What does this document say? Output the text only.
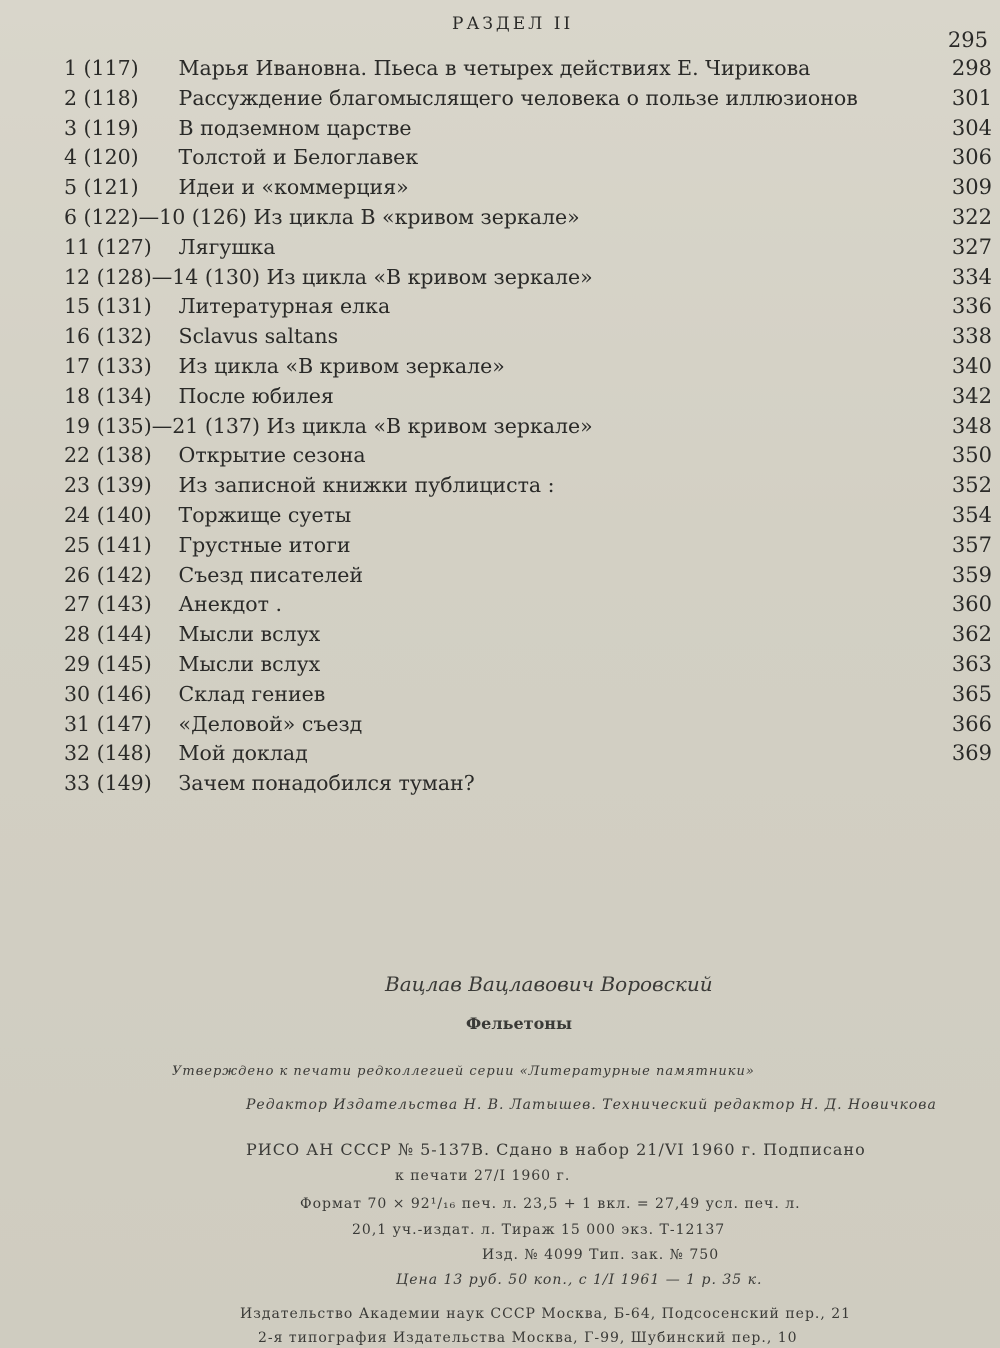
РАЗДЕЛ II
295
1 (117) Марья Ивановна. Пьеса в четырех действиях Е. Чирикова	298
2 (118) Рассуждение благомыслящего человека о пользе иллюзионов	301
3 (119) В подземном царстве	304
4 (120) Толстой и Белоглавек	306
5 (121) Идеи и «коммерция»	309
6 (122)—10 (126) Из цикла В «кривом зеркале»	322
11 (127) Лягушка	327
12 (128)—14 (130) Из цикла «В кривом зеркале»	334
15 (131) Литературная елка	336
16 (132) Sclavus saltans	338
17 (133) Из цикла «В кривом зеркале»	340
18 (134) После юбилея	342
19 (135)—21 (137) Из цикла «В кривом зеркале»	348
22 (138) Открытие сезона	350
23 (139) Из записной книжки публициста :	352
24 (140) Торжище суеты	354
25 (141) Грустные итоги	357
26 (142) Съезд писателей	359
27 (143) Анекдот .	360
28 (144) Мысли вслух	362
29 (145) Мысли вслух	363
30 (146) Склад гениев	365
31 (147) «Деловой» съезд	366
32 (148) Мой доклад	369
33 (149) Зачем понадобился туман?
Вацлав Вацлавович Воровский
Фельетоны
Утверждено к печати редколлегией серии «Литературные памятники»
Редактор Издательства Н. В. Латышев. Технический редактор Н. Д. Новичкова
РИСО АН СССР № 5-137В. Сдано в набор 21/VI 1960 г. Подписано
к печати 27/I 1960 г.
Формат 70 × 92¹/₁₆ печ. л. 23,5 + 1 вкл. = 27,49 усл. печ. л.
20,1 уч.-издат. л. Тираж 15 000 экз. Т-12137
Изд. № 4099 Тип. зак. № 750
Цена 13 руб. 50 коп., с 1/I 1961 — 1 р. 35 к.
Издательство Академии наук СССР Москва, Б-64, Подсосенский пер., 21
2-я типография Издательства Москва, Г-99, Шубинский пер., 10
